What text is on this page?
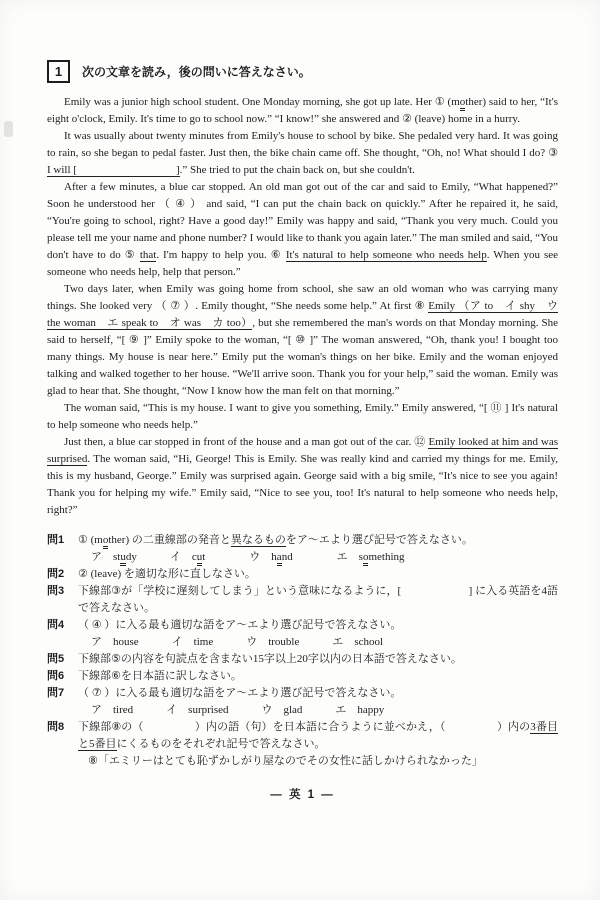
1	次の文章を読み，後の問いに答えなさい。

Emily was a junior high school student. One Monday morning, she got up late. Her ① (mother) said to her, “It's eight o'clock, Emily. It's time to go to school now.” “I know!” she answered and ② (leave) home in a hurry.

It was usually about twenty minutes from Emily's house to school by bike. She pedaled very hard. It was going to rain, so she began to pedal faster. Just then, the bike chain came off. She thought, “Oh, no! What should I do? ③ I will [                                    ].” She tried to put the chain back on, but she couldn't.

After a few minutes, a blue car stopped. An old man got out of the car and said to Emily, “What happened?” Soon he understood her （ ④ ） and said, “I can put the chain back on quickly.” After he repaired it, he said, “You're going to school, right? Have a good day!” Emily was happy and said, “Thank you very much. Could you please tell me your name and phone number? I would like to thank you again later.” The man smiled and said, “You don't have to do ⑤ that. I'm happy to help you. ⑥ It's natural to help someone who needs help. When you see someone who needs help, help that person.”

Two days later, when Emily was going home from school, she saw an old woman who was carrying many things. She looked very （ ⑦ ）. Emily thought, “She needs some help.” At first ⑧ Emily （ア to　イ shy　ウ the woman　エ speak to　オ was　カ too）, but she remembered the man's words on that Monday morning. She said to herself, “[ ⑨ ]” Emily spoke to the woman, “[ ⑩ ]” The woman answered, “Oh, thank you! I bought too many things. My house is near here.” Emily put the woman's things on her bike. Emily and the woman enjoyed talking and walked together to her house. “We'll arrive soon. Thank you for your help,” said the woman. Emily was glad to hear that. She thought, “Now I know how the man felt on that morning.”

The woman said, “This is my house. I want to give you something, Emily.” Emily answered, “[ ⑪ ] It's natural to help someone who needs help.”

Just then, a blue car stopped in front of the house and a man got out of the car. ⑫ Emily looked at him and was surprised. The woman said, “Hi, George! This is Emily. She was really kind and carried my things for me. Emily, this is my husband, George.” Emily was surprised again. George said with a big smile, “It's nice to see you again! Thank you for helping my wife.” Emily said, “Nice to see you, too! It's natural to help someone who needs help, right?”

問1	① (mother) の二重線部の発音と異なるものをア～エより選び記号で答えなさい。
ア　study　　　イ　cut　　　　ウ　hand　　　　エ　something
問2	② (leave) を適切な形に直しなさい。
問3	下線部③が「学校に遅刻してしまう」という意味になるように，[                        ] に入る英語を4語で答えなさい。
問4	（ ④ ）に入る最も適切な語をア～エより選び記号で答えなさい。
ア　house　　　イ　time　　　ウ　trouble　　　エ　school
問5	下線部⑤の内容を句読点を含まない15字以上20字以内の日本語で答えなさい。
問6	下線部⑥を日本語に訳しなさい。
問7	（ ⑦ ）に入る最も適切な語をア～エより選び記号で答えなさい。
ア　tired　　　イ　surprised　　　ウ　glad　　　エ　happy
問8	下線部⑧の（                  ）内の語（句）を日本語に合うように並べかえ，（                  ）内の3番目と5番目にくるものをそれぞれ記号で答えなさい。
⑧「エミリーはとても恥ずかしがり屋なのでその女性に話しかけられなかった」
— 英 1 —
